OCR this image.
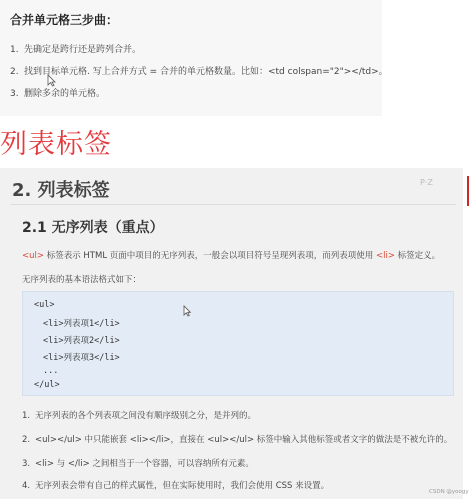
合并单元格三步曲：
1. 先确定是跨行还是跨列合并。
2. 找到目标单元格. 写上合并方式 = 合并的单元格数量。比如：<td colspan="2"></td>。
3. 删除多余的单元格。
列表标签
2. 列表标签	P·Z
2.1 无序列表（重点）
<ul> 标签表示 HTML 页面中项目的无序列表，一般会以项目符号呈现列表项，而列表项使用 <li> 标签定义。
无序列表的基本语法格式如下：
<ul>
<li>列表项1</li>
<li>列表项2</li>
<li>列表项3</li>
...
</ul>
1. 无序列表的各个列表项之间没有顺序级别之分，是并列的。
2. <ul></ul> 中只能嵌套 <li></li>，直接在 <ul></ul> 标签中输入其他标签或者文字的做法是不被允许的。
3. <li> 与 </li> 之间相当于一个容器，可以容纳所有元素。
4. 无序列表会带有自己的样式属性，但在实际使用时，我们会使用 CSS 来设置。
CSDN @yoogy
